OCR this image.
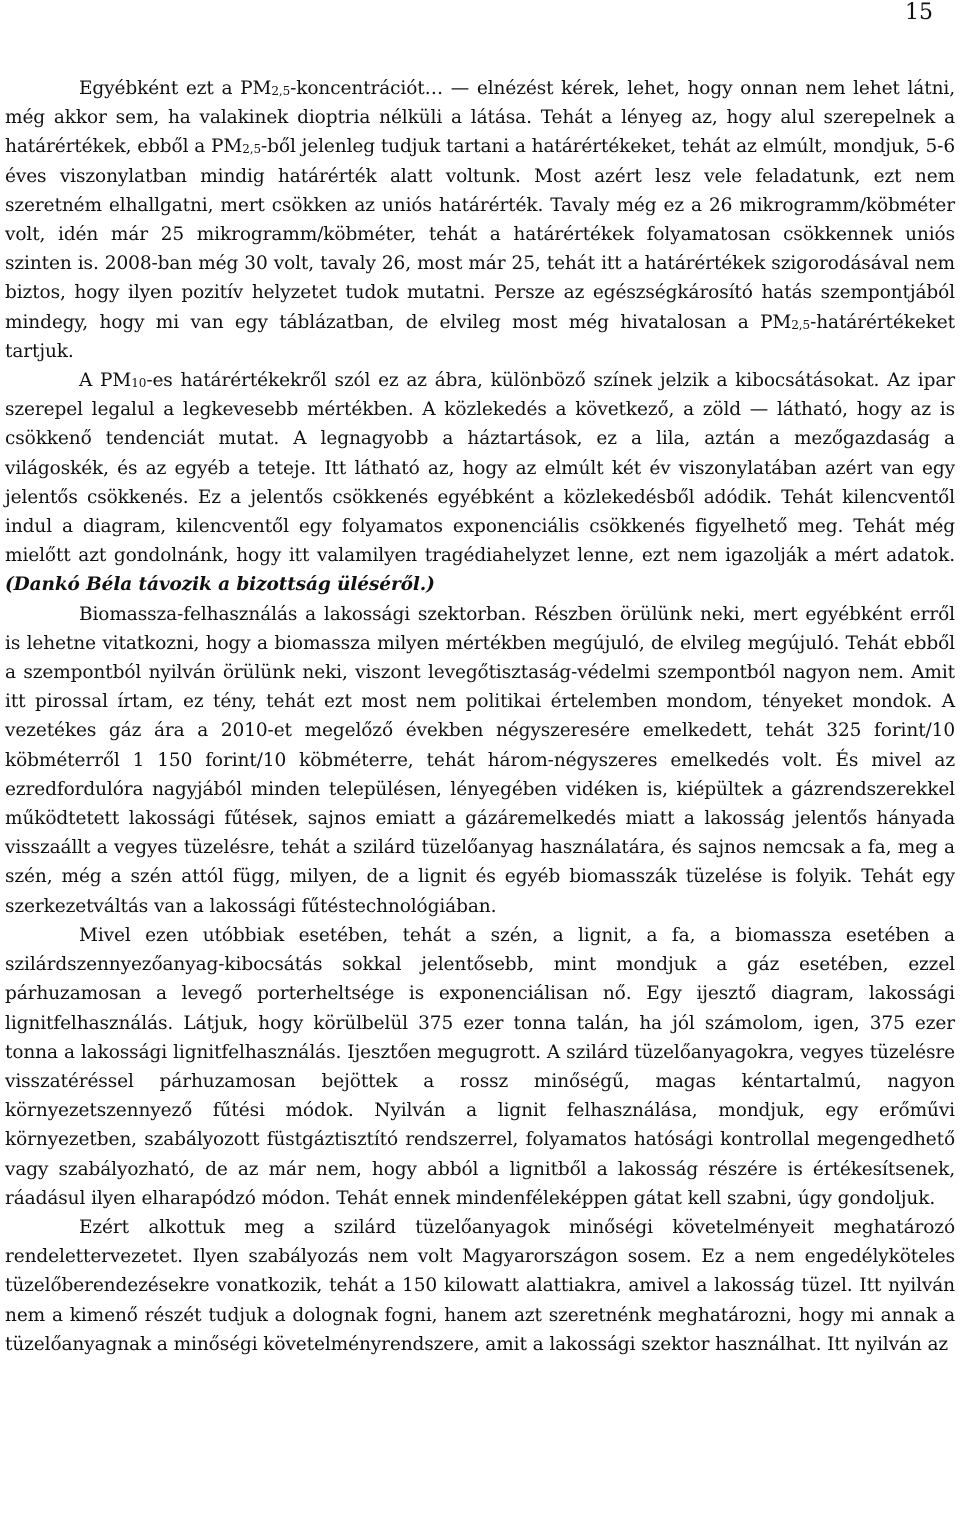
15

Egyébként ezt a $PM_{2,5}-koncentrációt\dots$ — elnézést kérek, lehet, hogy onnan nem lehet látni, még akkor sem, ha valakinek dioptria nélküli a látása. Tehát a lényeg az, hogy alul szerepelnek a határértékek, ebből a $PM_{2,5}$-ből jelenleg tudjuk tartani a határértékeket, tehát az elmúlt, mondjuk, 5-6 éves viszonylatban mindig határérték alatt voltunk. Most azért lesz vele feladatunk, ezt nem szeretném elhallgatni, mert csökken az uniós határérték. Tavaly még ez a 26 mikrogramm/köbméter volt, idén már 25 mikrogramm/köbméter, tehát a határértékek folyamatosan csökkennek uniós szinten is. 2008-ban még 30 volt, tavaly 26, most már 25, tehát itt a határértékek szigorodásával nem biztos, hogy ilyen pozitív helyzetet tudok mutatni. Persze az egészségkárosító hatás szempontjából mindegy, hogy mi van egy táblázatban, de elvileg most még hivatalosan a $PM_{2,5}$-határértékeket tartjuk.

A $PM_{10}-es$ határértékekről szól ez az ábra, különböző színek jelzik a kibocsátásokat. Az ipar szerepel legalul a legkevesebb mértékben. A közlekedés a következő, a zöld — látható, hogy az is csökkenő tendenciát mutat. A legnagyobb a háztartások, ez a lila, aztán a mezőgazdaság a világoskék, és az egyéb a teteje. Itt látható az, hogy az elmúlt két év viszonylatában azért van egy jelentős csökkenés. Ez a jelentős csökkenés egyébként a közlekedésből adódik. Tehát kilencventől indul a diagram, kilencventől egy folyamatos exponenciális csökkenés figyelhető meg. Tehát még mielőtt azt gondolnánk, hogy itt valamilyen tragédiahelyzet lenne, ezt nem igazolják a mért adatok.(Dankó Béla távozik a bizottság üléséről.)

Biomassza-felhasználás a lakossági szektorban. Részben örülünk neki, mert egyébként erről is lehetne vitatkozni, hogy a biomassza milyen mértékben megújuló, de elvileg megújuló. Tehát ebből a szempontból nyilván örülünk neki, viszont levegőtisztaság-védelmi szempontból nagyon nem. Amit itt pirossal írtam, ez tény, tehát ezt most nem politikai értelemben mondom, tényeket mondok. A vezetékes gáz ára a 2010-et megelőző években négyszeresére emelkedett, tehát 325 forint/10 köbméterről 1 150 forint/10 köbméterre, tehát három-négyszeres emelkedés volt. És mivel az ezredfordulóra nagyjából minden településen, lényegében vidéken is, kiépültek a gázrendszerekkel működtetett lakossági fűtések, sajnos emiatt a gázáremelkedés miatt a lakosság jelentős hányada visszaállt a vegyes tüzelésre, tehát a szilárd tüzelőanyag használatára, és sajnos nemcsak a fa, meg a szén, még a szén attól függ, milyen, de a lignit és egyéb biomasszák tüzelése is folyik. Tehát egy szerkezetváltás van a lakossági fűtéstechnológiában.

Mivel ezen utóbbiak esetében, tehát a szén, a lignit, a fa, a biomassza esetében a szilárdszennyezőanyag-kibocsátás sokkal jelentősebb, mint mondjuk a gáz esetében, ezzel párhuzamosan a levegő porterheltsége is exponenciálisan nő. Egy ijesztő diagram, lakossági lignitfelhasználás. Látjuk, hogy körülbelül 375 ezer tonna talán, ha jól számolom, igen, 375 ezer tonna a lakossági lignitfelhasználás. Ijesztően megugrott. A szilárd tüzelőanyagokra, vegyes tüzelésre visszatéréssel párhuzamosan bejöttek a rossz minőségű, magas kéntartalmú, nagyon környezetszennyező fűtési módok. Nyilván a lignit felhasználása, mondjuk, egy erőművi környezetben, szabályozott füstgáztisztító rendszerrel, folyamatos hatósági kontrollal megengedhető vagy szabályozható, de az már nem, hogy abból a lignitből a lakosság részére is értékesítsenek, ráadásul ilyen elharapódzó módon. Tehát ennek mindenféleképpen gátat kell szabni, úgy gondoljuk.

Ezért alkottuk meg a szilárd tüzelőanyagok minőségi követelményeit meghatározó rendelettervezetet. Ilyen szabályozás nem volt Magyarországon sosem. Ez a nem engedélyköteles tüzelőberendezésekre vonatkozik, tehát a 150 kilowatt alattiakra, amivel a lakosság tüzel. Itt nyilván nem a kimenő részét tudjuk a dolognak fogni, hanem azt szeretnénk meghatározni, hogy mi annak a tüzelőanyagnak a minőségi követelményrendszere, amit a lakossági szektor használhat. Itt nyilván az
